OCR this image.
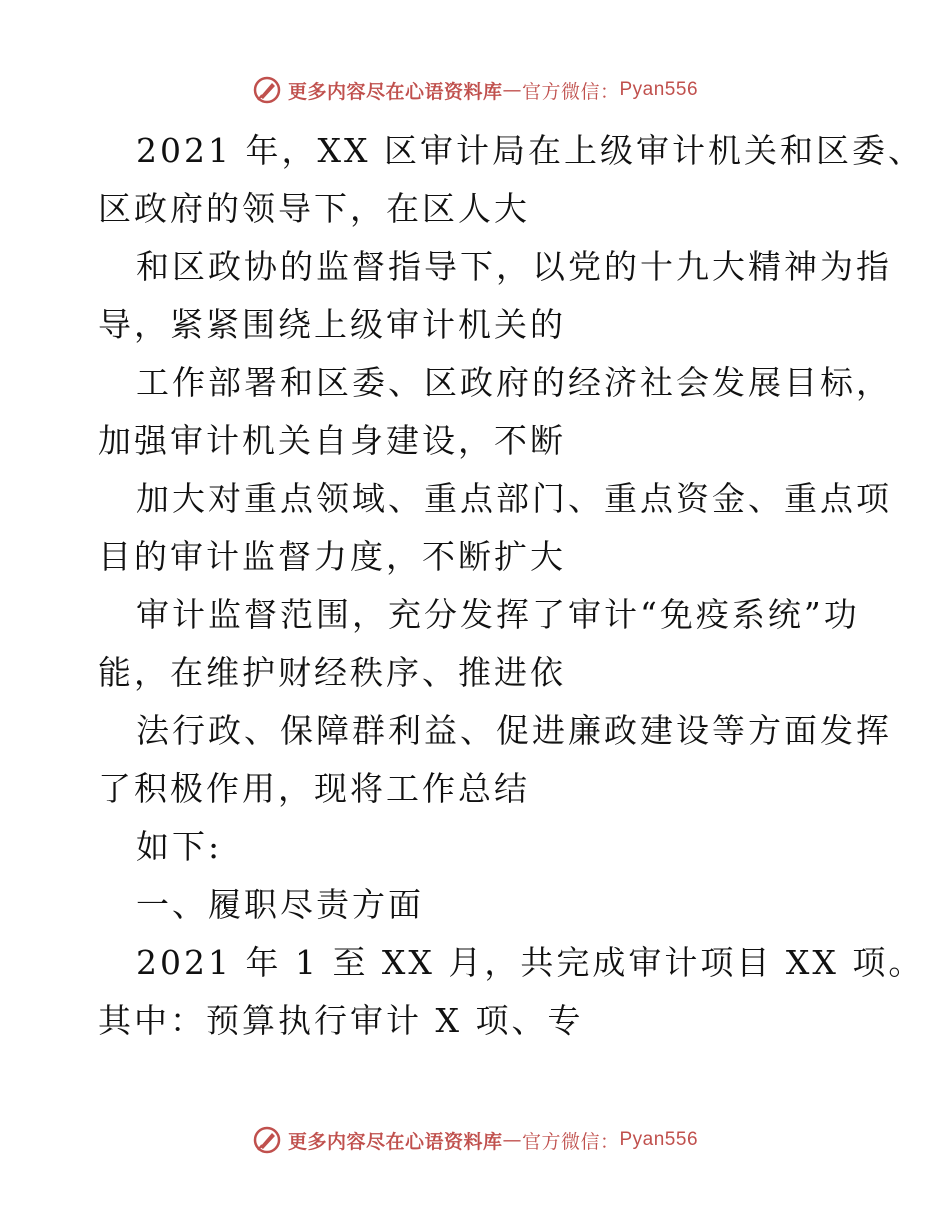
更多内容尽在心语资料库 — 官方微信： Pyan556

2021 年，XX 区审计局在上级审计机关和区委、

区政府的领导下，在区人大

和区政协的监督指导下，以党的十九大精神为指

导，紧紧围绕上级审计机关的

工作部署和区委、区政府的经济社会发展目标，

加强审计机关自身建设，不断

加大对重点领域、重点部门、重点资金、重点项

目的审计监督力度，不断扩大

审计监督范围，充分发挥了审计“免疫系统”功

能，在维护财经秩序、推进依

法行政、保障群利益、促进廉政建设等方面发挥

了积极作用，现将工作总结

如下:

一、履职尽责方面

2021 年 1 至 XX 月，共完成审计项目 XX 项。

其中：预算执行审计 X 项、专

更多内容尽在心语资料库 — 官方微信： Pyan556
